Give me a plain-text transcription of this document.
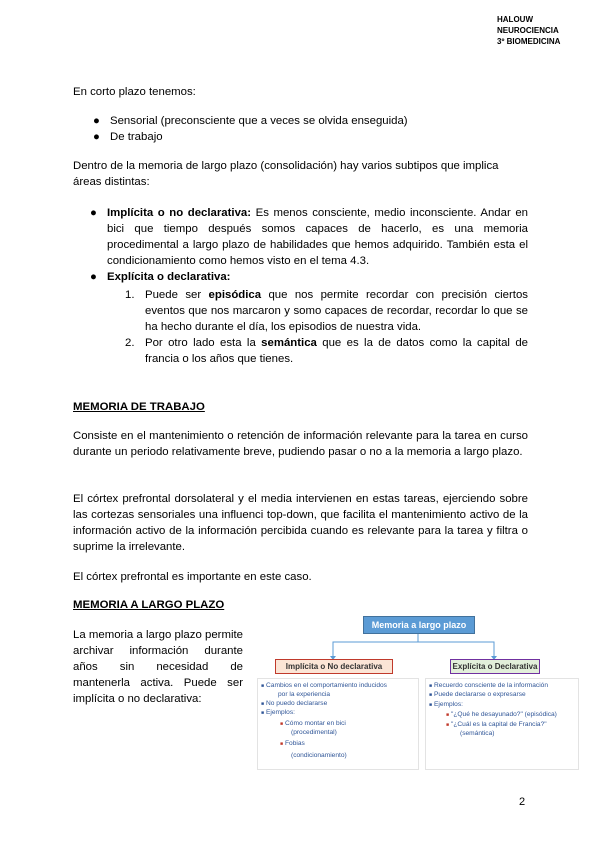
HALOUW
NEUROCIENCIA
3º BIOMEDICINA
En corto plazo tenemos:
● Sensorial (preconsciente que a veces se olvida enseguida)
● De trabajo
Dentro de la memoria de largo plazo (consolidación) hay varios subtipos que implica áreas distintas:
● Implícita o no declarativa: Es menos consciente, medio inconsciente. Andar en bici que tiempo después somos capaces de hacerlo, es una memoria procedimental a largo plazo de habilidades que hemos adquirido. También esta el condicionamiento como hemos visto en el tema 4.3.
● Explícita o declarativa:
1. Puede ser episódica que nos permite recordar con precisión ciertos eventos que nos marcaron y somo capaces de recordar, recordar lo que se ha hecho durante el día, los episodios de nuestra vida.
2. Por otro lado esta la semántica que es la de datos como la capital de francia o los años que tienes.
MEMORIA DE TRABAJO
Consiste en el mantenimiento o retención de información relevante para la tarea en curso durante un periodo relativamente breve, pudiendo pasar o no a la memoria a largo plazo.
El córtex prefrontal dorsolateral y el media intervienen en estas tareas, ejerciendo sobre las cortezas sensoriales una influenci top-down, que facilita el mantenimiento activo de la información activo de la información percibida cuando es relevante para la tarea y filtra o suprime la irrelevante.
El córtex prefrontal es importante en este caso.
MEMORIA A LARGO PLAZO
La memoria a largo plazo permite archivar información durante años sin necesidad de mantenerla activa. Puede ser implícita o no declarativa:
Memoria a largo plazo
Implícita o No declarativa	Explícita o Declarativa
■ Cambios en el comportamiento inducidos
por la experiencia
■ No puedo declararse
■ Ejemplos:
■ Cómo montar en bici
(procedimental)
■ Fobias
(condicionamiento)
■ Recuerdo consciente de la información
■ Puede declararse o expresarse
■ Ejemplos:
■ "¿Qué he desayunado?" (episódica)
■ "¿Cuál es la capital de Francia?"
(semántica)
2
